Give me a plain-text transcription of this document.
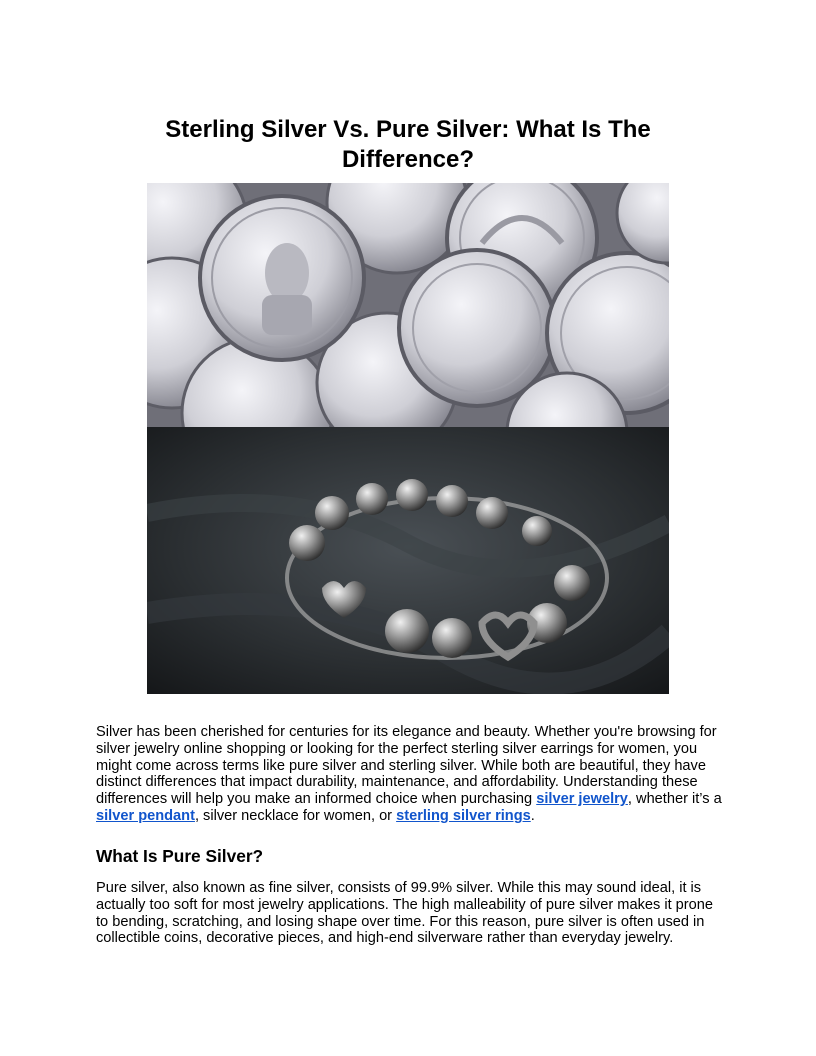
Sterling Silver Vs. Pure Silver: What Is The Difference?

Silver has been cherished for centuries for its elegance and beauty. Whether you're browsing for silver jewelry online shopping or looking for the perfect sterling silver earrings for women, you might come across terms like pure silver and sterling silver. While both are beautiful, they have distinct differences that impact durability, maintenance, and affordability. Understanding these differences will help you make an informed choice when purchasing silver jewelry, whether it’s a silver pendant, silver necklace for women, or sterling silver rings.

What Is Pure Silver?

Pure silver, also known as fine silver, consists of 99.9% silver. While this may sound ideal, it is actually too soft for most jewelry applications. The high malleability of pure silver makes it prone to bending, scratching, and losing shape over time. For this reason, pure silver is often used in collectible coins, decorative pieces, and high-end silverware rather than everyday jewelry.
